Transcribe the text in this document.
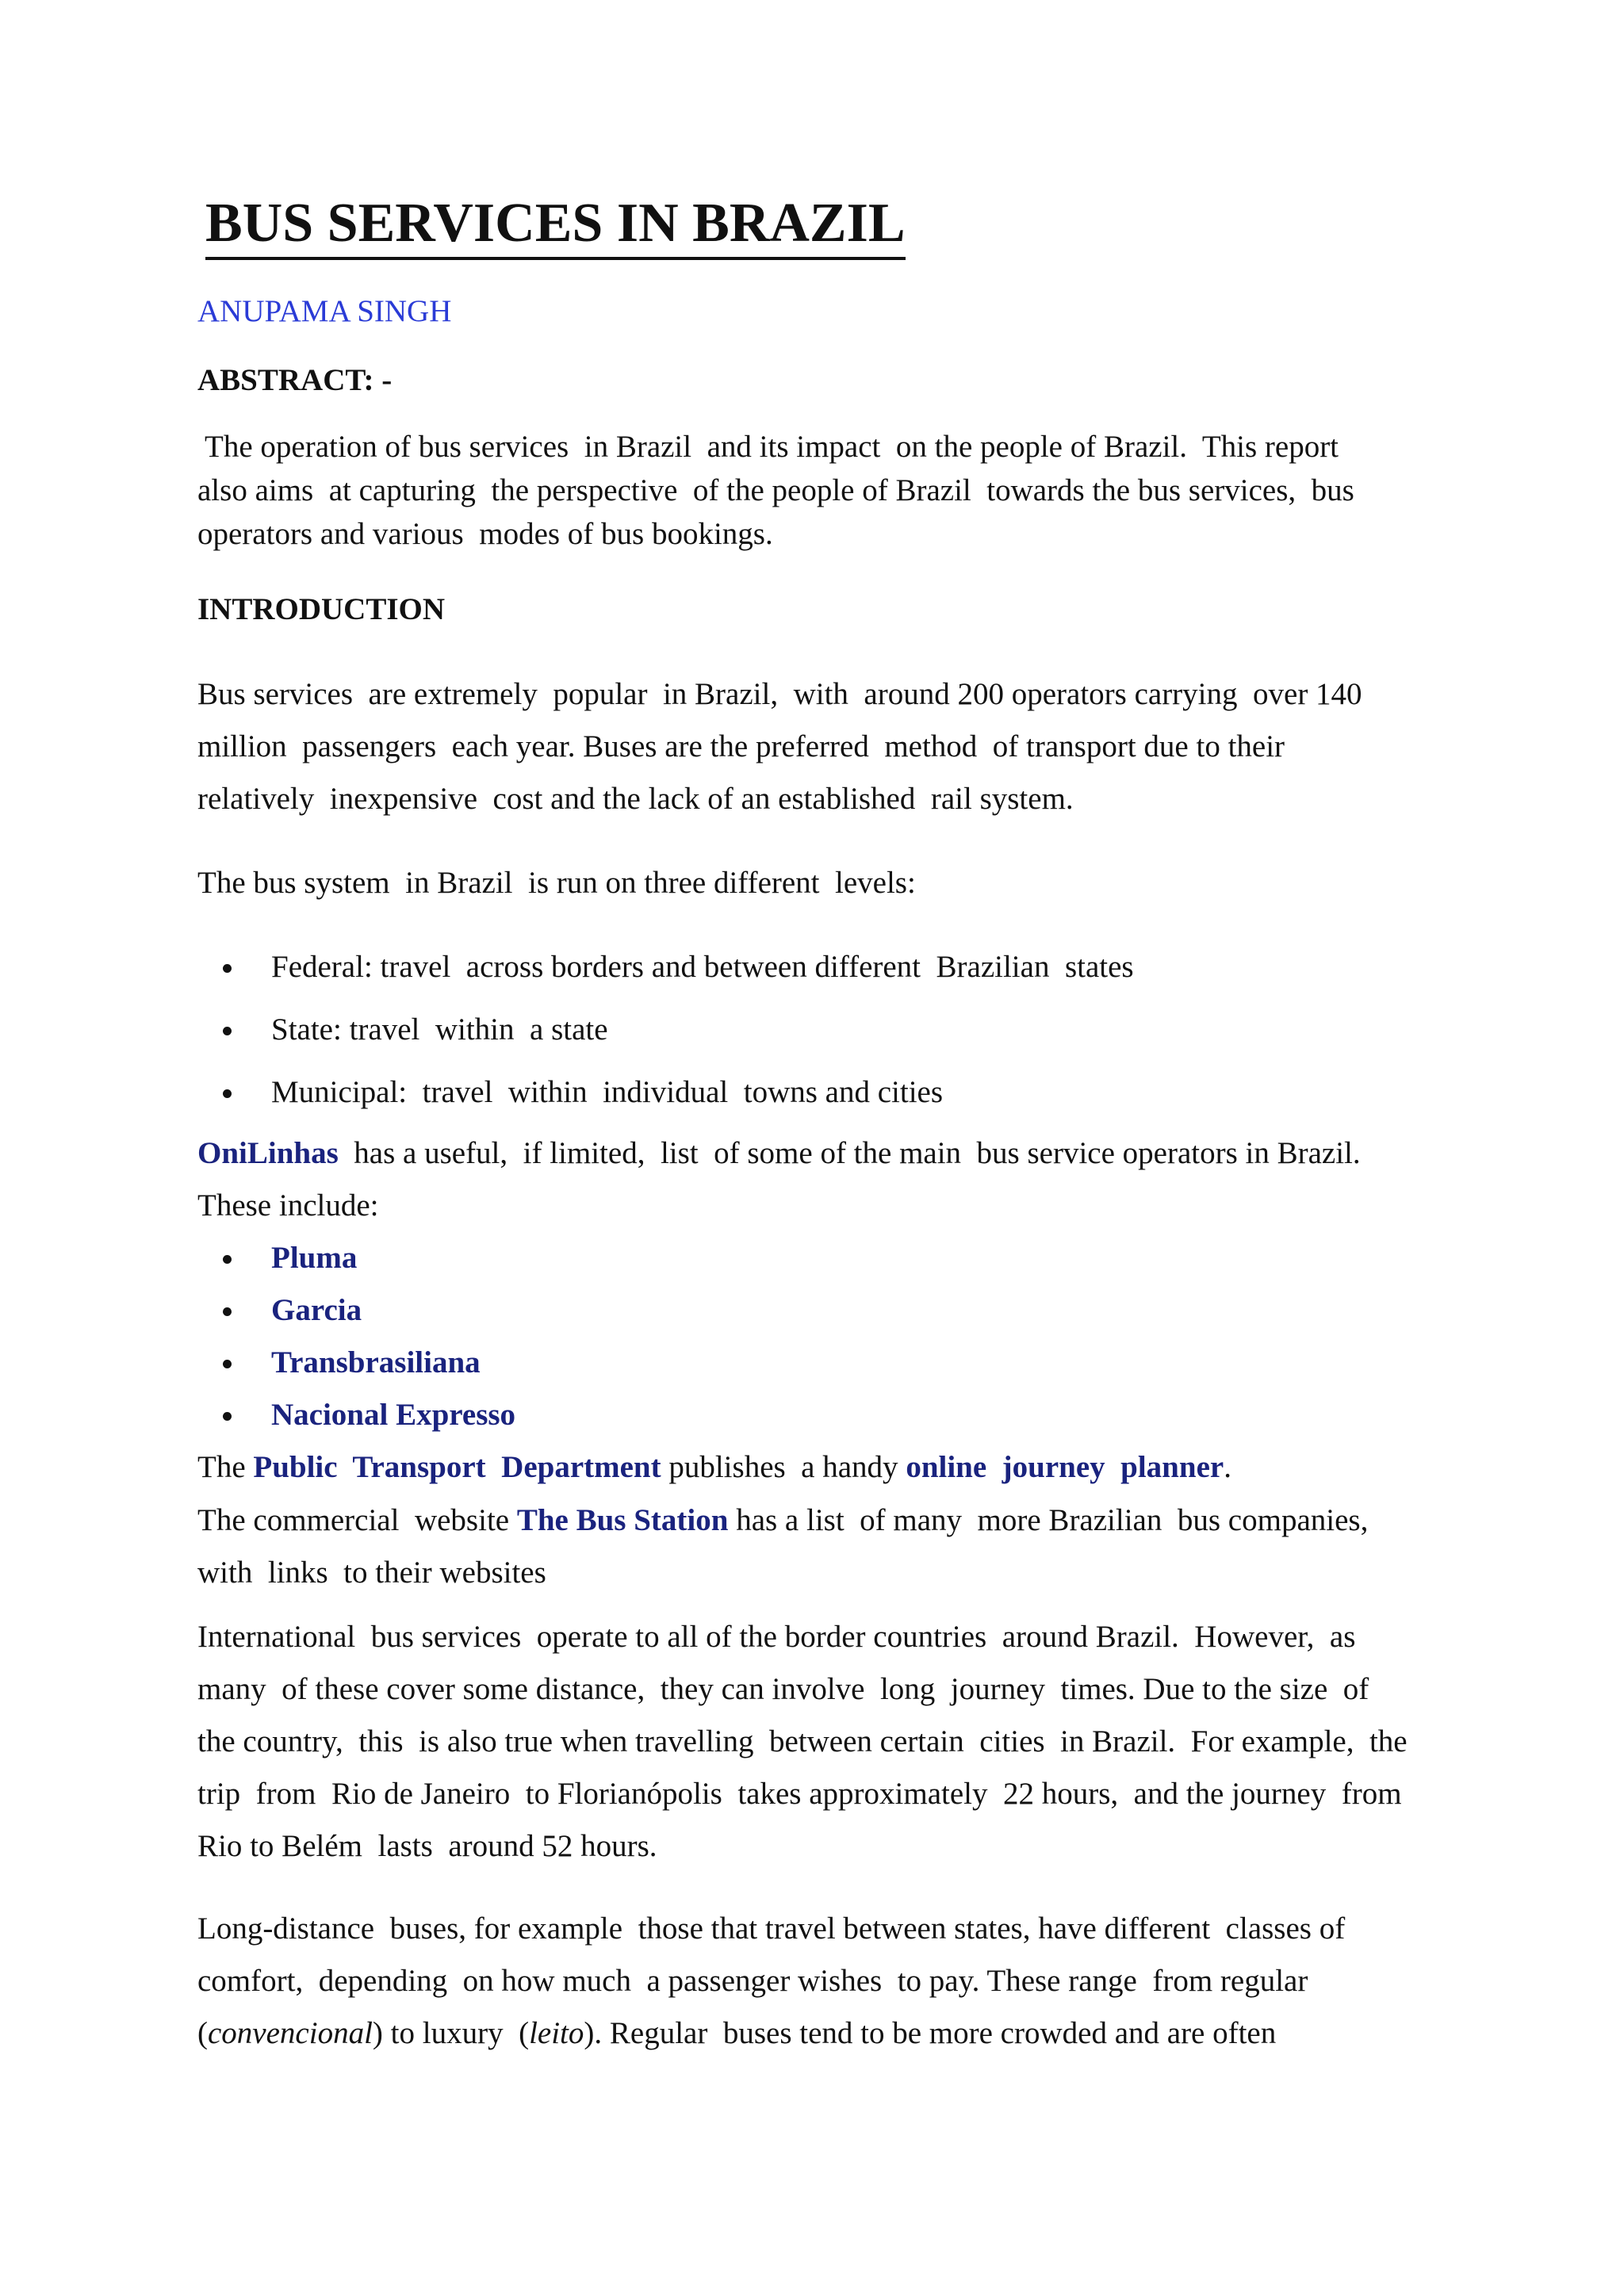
BUS SERVICES IN BRAZIL
ANUPAMA SINGH
ABSTRACT: -
The operation of bus services  in Brazil  and its impact  on the people of Brazil.  This report
also aims  at capturing  the perspective  of the people of Brazil  towards the bus services,  bus
operators and various  modes of bus bookings.
INTRODUCTION
Bus services  are extremely  popular  in Brazil,  with  around 200 operators carrying  over 140
million  passengers  each year. Buses are the preferred  method  of transport due to their
relatively  inexpensive  cost and the lack of an established  rail system.
The bus system  in Brazil  is run on three different  levels:
Federal: travel  across borders and between different  Brazilian  states
State: travel  within  a state
Municipal:  travel  within  individual  towns and cities
OniLinhas  has a useful,  if limited,  list  of some of the main  bus service operators in Brazil.
These include:
Pluma
Garcia
Transbrasiliana
Nacional Expresso
The Public  Transport  Department publishes  a handy online  journey  planner.
The commercial  website The Bus Station has a list  of many  more Brazilian  bus companies,
with  links  to their websites
International  bus services  operate to all of the border countries  around Brazil.  However,  as
many  of these cover some distance,  they can involve  long  journey  times. Due to the size  of
the country,  this  is also true when travelling  between certain  cities  in Brazil.  For example,  the
trip  from  Rio de Janeiro  to Florianópolis  takes approximately  22 hours,  and the journey  from
Rio to Belém  lasts  around 52 hours.
Long-distance  buses, for example  those that travel between states, have different  classes of
comfort,  depending  on how much  a passenger wishes  to pay. These range  from regular
(convencional) to luxury  (leito). Regular  buses tend to be more crowded and are often
